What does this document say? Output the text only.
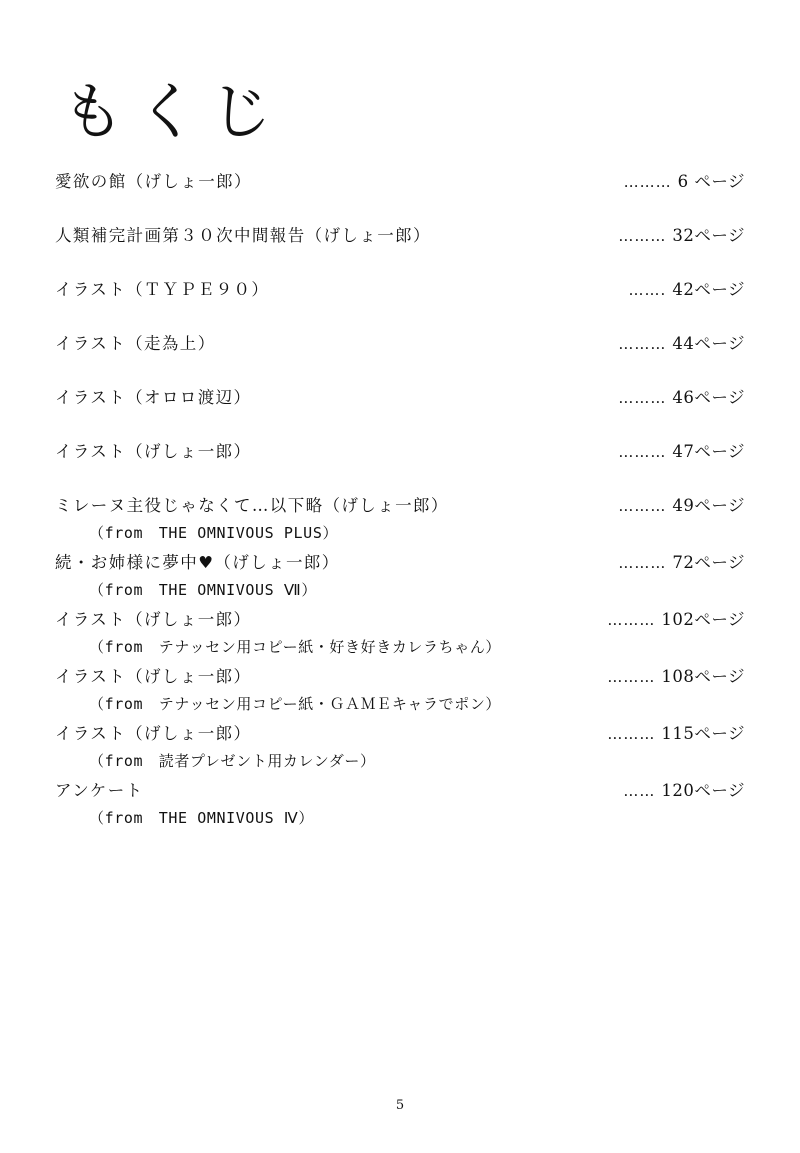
もくじ
愛欲の館（げしょ一郎）	……… 6 ページ
人類補完計画第３０次中間報告（げしょ一郎）	……… 32ページ
イラスト（ＴＹＰＥ９０）	……. 42ページ
イラスト（走為上）	……… 44ページ
イラスト（オロロ渡辺）	……… 46ページ
イラスト（げしょ一郎）	……… 47ページ
ミレーヌ主役じゃなくて…以下略（げしょ一郎）	……… 49ページ
（from　THE OMNIVOUS PLUS）
続・お姉様に夢中♥（げしょ一郎）	……… 72ページ
（from　THE OMNIVOUS Ⅶ）
イラスト（げしょ一郎）	……… 102ページ
（from　テナッセン用コピー紙・好き好きカレラちゃん）
イラスト（げしょ一郎）	……… 108ページ
（from　テナッセン用コピー紙・ＧＡＭＥキャラでポン）
イラスト（げしょ一郎）	……… 115ページ
（from　読者プレゼント用カレンダー）
アンケート	…… 120ページ
（from　THE OMNIVOUS Ⅳ）
5
